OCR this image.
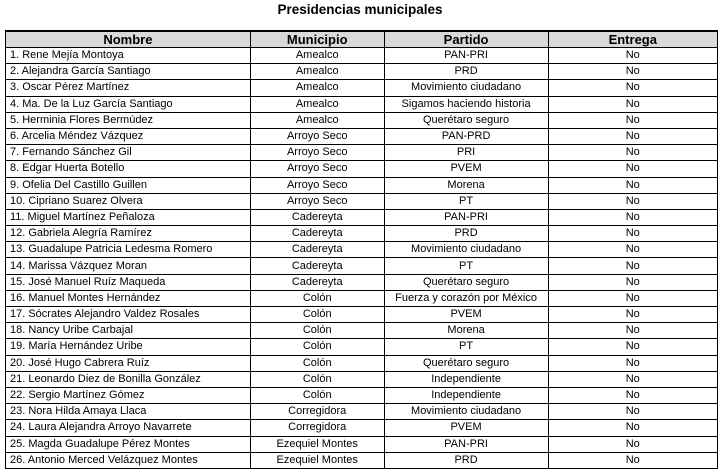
Presidencias municipales
Nombre	Municipio	Partido	Entrega
1. Rene Mejía Montoya	Amealco	PAN-PRI	No
2. Alejandra García Santiago	Amealco	PRD	No
3. Oscar Pérez Martínez	Amealco	Movimiento ciudadano	No
4. Ma. De la Luz García Santiago	Amealco	Sigamos haciendo historia	No
5. Herminia Flores Bermúdez	Amealco	Querétaro seguro	No
6. Arcelia Méndez Vázquez	Arroyo Seco	PAN-PRD	No
7. Fernando Sánchez Gil	Arroyo Seco	PRI	No
8. Edgar Huerta Botello	Arroyo Seco	PVEM	No
9. Ofelia Del Castillo Guillen	Arroyo Seco	Morena	No
10. Cipriano Suarez Olvera	Arroyo Seco	PT	No
11. Miguel Martínez Peñaloza	Cadereyta	PAN-PRI	No
12. Gabriela Alegría Ramírez	Cadereyta	PRD	No
13. Guadalupe Patricia Ledesma Romero	Cadereyta	Movimiento ciudadano	No
14. Marissa Vázquez Moran	Cadereyta	PT	No
15. José Manuel Ruíz Maqueda	Cadereyta	Querétaro seguro	No
16. Manuel Montes Hernández	Colón	Fuerza y corazón por México	No
17. Sócrates Alejandro Valdez Rosales	Colón	PVEM	No
18. Nancy Uribe Carbajal	Colón	Morena	No
19. María Hernández Uribe	Colón	PT	No
20. José Hugo Cabrera Ruíz	Colón	Querétaro seguro	No
21. Leonardo Diez de Bonilla González	Colón	Independiente	No
22. Sergio Martínez Gómez	Colón	Independiente	No
23. Nora Hilda Amaya Llaca	Corregidora	Movimiento ciudadano	No
24. Laura Alejandra Arroyo Navarrete	Corregidora	PVEM	No
25. Magda Guadalupe Pérez Montes	Ezequiel Montes	PAN-PRI	No
26. Antonio Merced Velázquez Montes	Ezequiel Montes	PRD	No
